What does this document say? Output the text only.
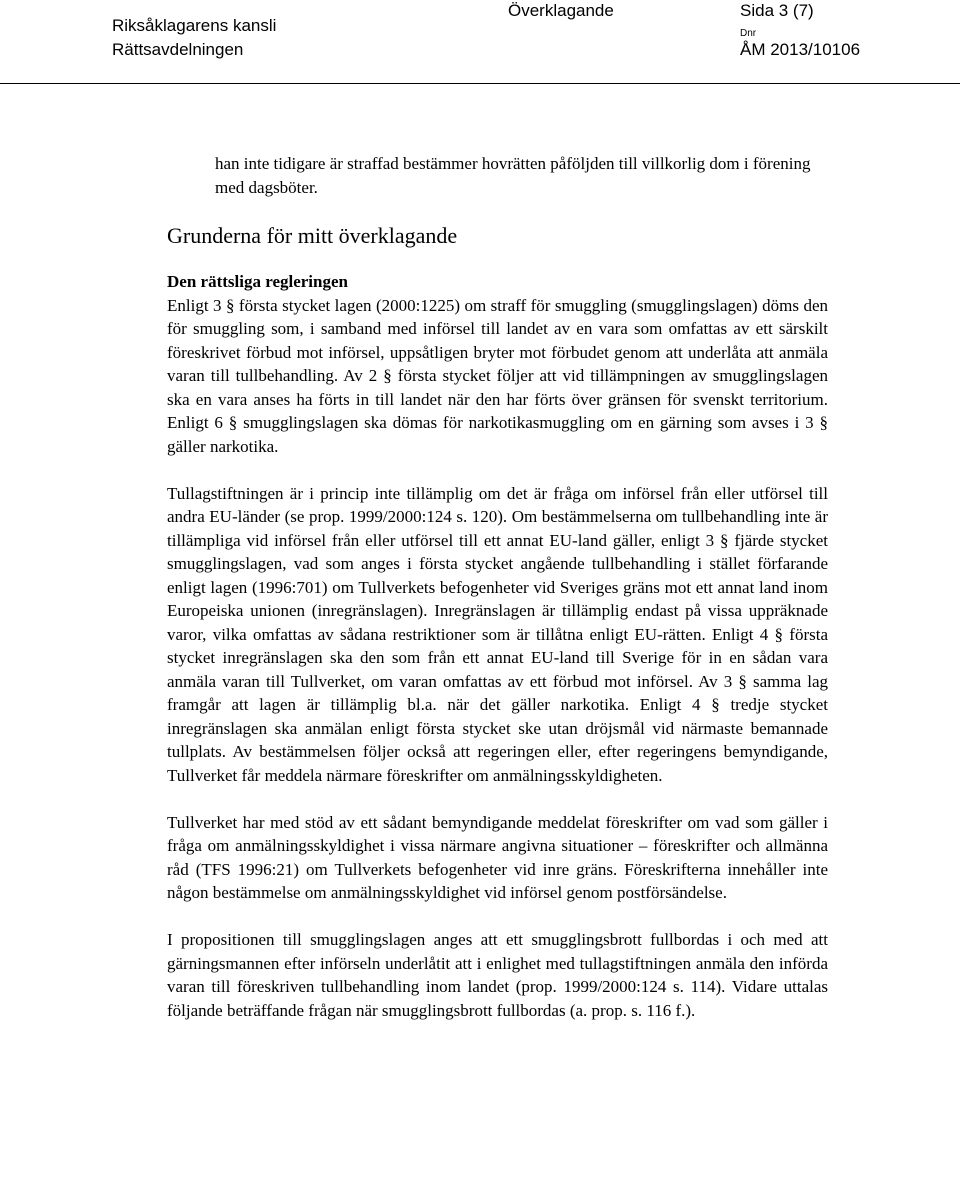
Riksåklagarens kansli
Rättsavdelningen
Överklagande	Sida 3 (7)
Dnr
ÅM 2013/10106

han inte tidigare är straffad bestämmer hovrätten påföljden till villkorlig dom i förening med dagsböter.

Grunderna för mitt överklagande
Den rättsliga regleringen

Enligt 3 § första stycket lagen (2000:1225) om straff för smuggling (smugglingslagen) döms den för smuggling som, i samband med införsel till landet av en vara som omfattas av ett särskilt föreskrivet förbud mot införsel, uppsåtligen bryter mot förbudet genom att underlåta att anmäla varan till tullbehandling. Av 2 § första stycket följer att vid tillämpningen av smugglingslagen ska en vara anses ha förts in till landet när den har förts över gränsen för svenskt territorium. Enligt 6 § smugglingslagen ska dömas för narkotikasmuggling om en gärning som avses i 3 § gäller narkotika.

Tullagstiftningen är i princip inte tillämplig om det är fråga om införsel från eller utförsel till andra EU-länder (se prop. 1999/2000:124 s. 120). Om bestämmelserna om tullbehandling inte är tillämpliga vid införsel från eller utförsel till ett annat EU-land gäller, enligt 3 § fjärde stycket smugglingslagen, vad som anges i första stycket angående tullbehandling i stället förfarande enligt lagen (1996:701) om Tullverkets befogenheter vid Sveriges gräns mot ett annat land inom Europeiska unionen (inregränslagen). Inregränslagen är tillämplig endast på vissa uppräknade varor, vilka omfattas av sådana restriktioner som är tillåtna enligt EU-rätten. Enligt 4 § första stycket inregränslagen ska den som från ett annat EU-land till Sverige för in en sådan vara anmäla varan till Tullverket, om varan omfattas av ett förbud mot införsel. Av 3 § samma lag framgår att lagen är tillämplig bl.a. när det gäller narkotika. Enligt 4 § tredje stycket inregränslagen ska anmälan enligt första stycket ske utan dröjsmål vid närmaste bemannade tullplats. Av bestämmelsen följer också att regeringen eller, efter regeringens bemyndigande, Tullverket får meddela närmare föreskrifter om anmälningsskyldigheten.

Tullverket har med stöd av ett sådant bemyndigande meddelat föreskrifter om vad som gäller i fråga om anmälningsskyldighet i vissa närmare angivna situationer – föreskrifter och allmänna råd (TFS 1996:21) om Tullverkets befogenheter vid inre gräns. Föreskrifterna innehåller inte någon bestämmelse om anmälningsskyldighet vid införsel genom postförsändelse.

I propositionen till smugglingslagen anges att ett smugglingsbrott fullbordas i och med att gärningsmannen efter införseln underlåtit att i enlighet med tullagstiftningen anmäla den införda varan till föreskriven tullbehandling inom landet (prop. 1999/2000:124 s. 114). Vidare uttalas följande beträffande frågan när smugglingsbrott fullbordas (a. prop. s. 116 f.).
